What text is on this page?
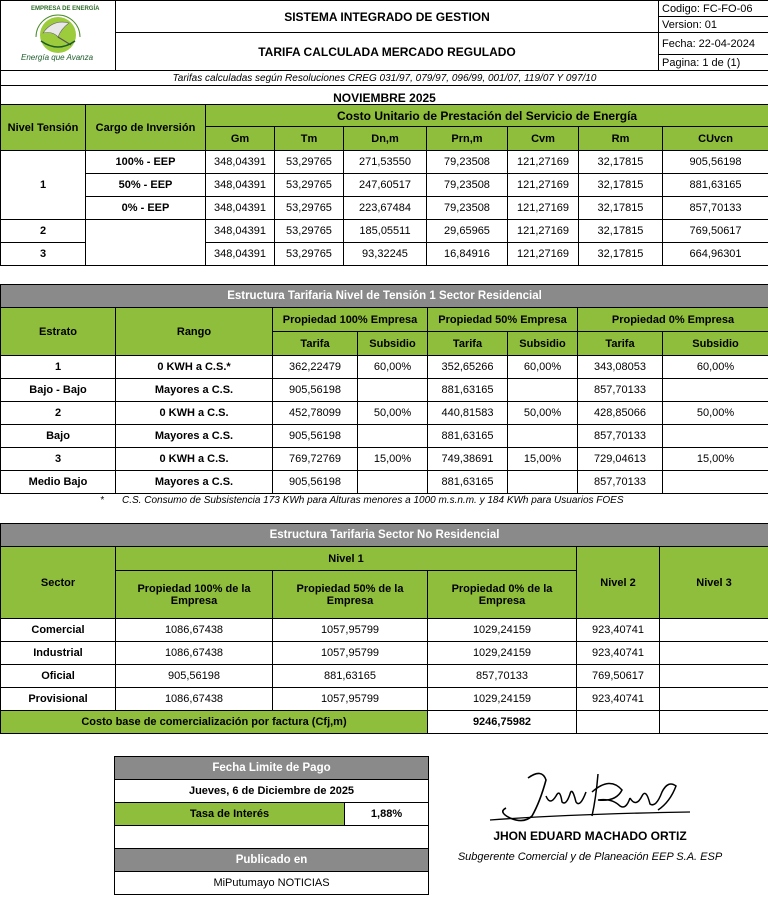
EMPRESA DE ENERGÍA
Energía que Avanza	SISTEMA INTEGRADO DE GESTION	Codigo: FC-FO-06
		Version: 01
	TARIFA CALCULADA MERCADO REGULADO	Fecha: 22-04-2024
		Pagina: 1 de (1)
Tarifas calculadas según Resoluciones CREG 031/97, 079/97, 096/99, 001/07, 119/07 Y 097/10		
NOVIEMBRE 2025		
Nivel Tensión	Cargo de Inversión	Costo Unitario de Prestación del Servicio de Energía						
		Gm	Tm	Dn,m	Prn,m	Cvm	Rm	CUvcn
1	100% - EEP	348,04391	53,29765	271,53550	79,23508	121,27169	32,17815	905,56198
	50% - EEP	348,04391	53,29765	247,60517	79,23508	121,27169	32,17815	881,63165
	0% - EEP	348,04391	53,29765	223,67484	79,23508	121,27169	32,17815	857,70133
2		348,04391	53,29765	185,05511	29,65965	121,27169	32,17815	769,50617
3		348,04391	53,29765	93,32245	16,84916	121,27169	32,17815	664,96301
Estructura Tarifaria Nivel de Tensión 1 Sector Residencial							
Estrato	Rango	Propiedad 100% Empresa		Propiedad 50% Empresa		Propiedad 0% Empresa	
		Tarifa	Subsidio	Tarifa	Subsidio	Tarifa	Subsidio
1	0 KWH a C.S.*	362,22479	60,00%	352,65266	60,00%	343,08053	60,00%
Bajo - Bajo	Mayores a C.S.	905,56198		881,63165		857,70133	
2	0 KWH a C.S.	452,78099	50,00%	440,81583	50,00%	428,85066	50,00%
Bajo	Mayores a C.S.	905,56198		881,63165		857,70133	
3	0 KWH a C.S.	769,72769	15,00%	749,38691	15,00%	729,04613	15,00%
Medio Bajo	Mayores a C.S.	905,56198		881,63165		857,70133	
* C.S. Consumo de Subsistencia 173 KWh para Alturas menores a 1000 m.s.n.m. y 184 KWh para Usuarios FOES
Estructura Tarifaria Sector No Residencial					
Sector	Nivel 1			Nivel 2	Nivel 3
	Propiedad 100% de la Empresa	Propiedad 50% de la Empresa	Propiedad 0% de la Empresa		
Comercial	1086,67438	1057,95799	1029,24159	923,40741	
Industrial	1086,67438	1057,95799	1029,24159	923,40741	
Oficial	905,56198	881,63165	857,70133	769,50617	
Provisional	1086,67438	1057,95799	1029,24159	923,40741	
Costo base de comercialización por factura (Cfj,m)			9246,75982		
Fecha Limite de Pago
Jueves, 6 de Diciembre de 2025
Tasa de Interés	1,88%

Publicado en
MiPutumayo NOTICIAS
JHON EDUARD MACHADO ORTIZ
Subgerente Comercial y de Planeación EEP S.A. ESP
